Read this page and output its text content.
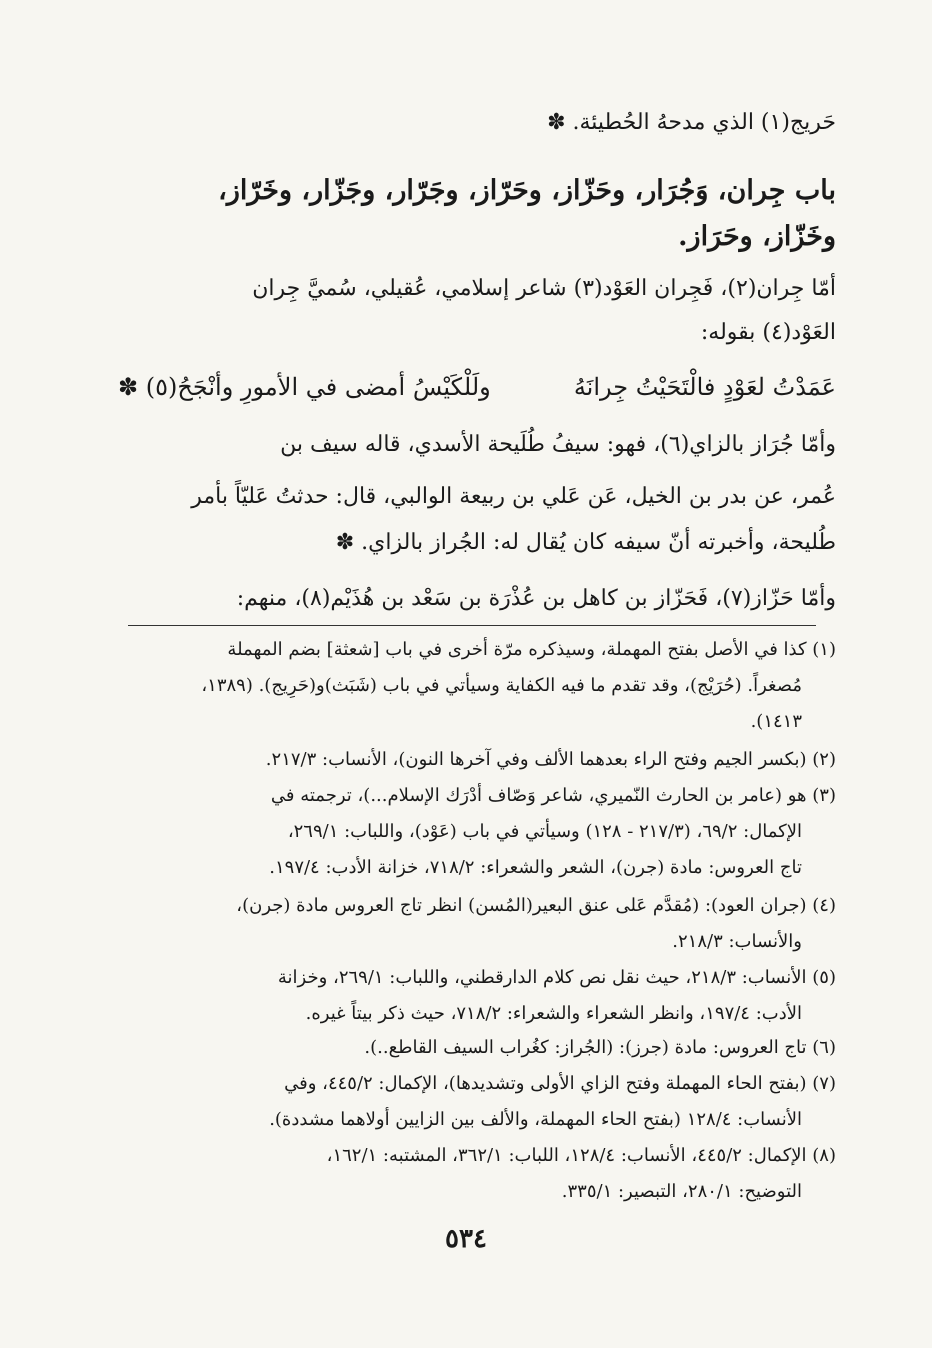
حَريج(١) الذي مدحهُ الحُطيئة. ✽
باب جِران، وَجُرَار، وحَزّاز، وحَرّاز، وجَرّار، وجَزّار، وخَرّاز،
وخَزّاز، وحَرَاز.
أمّا جِران(٢)، فَجِران العَوْد(٣) شاعر إسلامي، عُقيلي، سُميَّ جِران
العَوْد(٤) بقوله:
عَمَدْتُ لعَوْدٍ فالْتَحَيْتُ جِرانَهُ
ولَلْكَيْسُ أمضى في الأمورِ وأنْجَحُ(٥) ✽
وأمّا جُرَاز بالزاي(٦)، فهو: سيفُ طُلَيحة الأسدي، قاله سيف بن
عُمر، عن بدر بن الخيل، عَن عَلي بن ربيعة الوالبي، قال: حدثتُ عَليّاً بأمر
طُليحة، وأخبرته أنّ سيفه كان يُقال له: الجُراز بالزاي. ✽
وأمّا حَزّاز(٧)، فَحَزّاز بن كاهل بن عُذْرَة بن سَعْد بن هُذَيْم(٨)، منهم:
(١) كذا في الأصل بفتح المهملة، وسيذكره مرّة أخرى في باب [شعثة] بضم المهملة
مُصغراً. (حُرَيْج)، وقد تقدم ما فيه الكفاية وسيأتي في باب (شَبَث)و(حَرِيج). (١٣٨٩،
١٤١٣).
(٢) (بكسر الجيم وفتح الراء بعدهما الألف وفي آخرها النون)، الأنساب: ٢١٧/٣.
(٣) هو (عامر بن الحارث النّميري، شاعر وَصّاف أدْرَك الإسلام...)، ترجمته في
الإكمال: ٦٩/٢، (٢١٧/٣ - ١٢٨) وسيأتي في باب (عَوْد)، واللباب: ٢٦٩/١،
تاج العروس: مادة (جرن)، الشعر والشعراء: ٧١٨/٢، خزانة الأدب: ١٩٧/٤.
(٤) (جران العود): (مُقدَّم عَلى عنق البعير(المُسن) انظر تاج العروس مادة (جرن)،
والأنساب: ٢١٨/٣.
(٥) الأنساب: ٢١٨/٣، حيث نقل نص كلام الدارقطني، واللباب: ٢٦٩/١، وخزانة
الأدب: ١٩٧/٤، وانظر الشعراء والشعراء: ٧١٨/٢، حيث ذكر بيتاً غيره.
(٦) تاج العروس: مادة (جرز): (الجُراز: كغُراب السيف القاطع..).
(٧) (بفتح الحاء المهملة وفتح الزاي الأولى وتشديدها)، الإكمال: ٤٤٥/٢، وفي
الأنساب: ١٢٨/٤ (بفتح الحاء المهملة، والألف بين الزايين أولاهما مشددة).
(٨) الإكمال: ٤٤٥/٢، الأنساب: ١٢٨/٤، اللباب: ٣٦٢/١، المشتبه: ١٦٢/١،
التوضيح: ٢٨٠/١، التبصير: ٣٣٥/١.
٥٣٤
